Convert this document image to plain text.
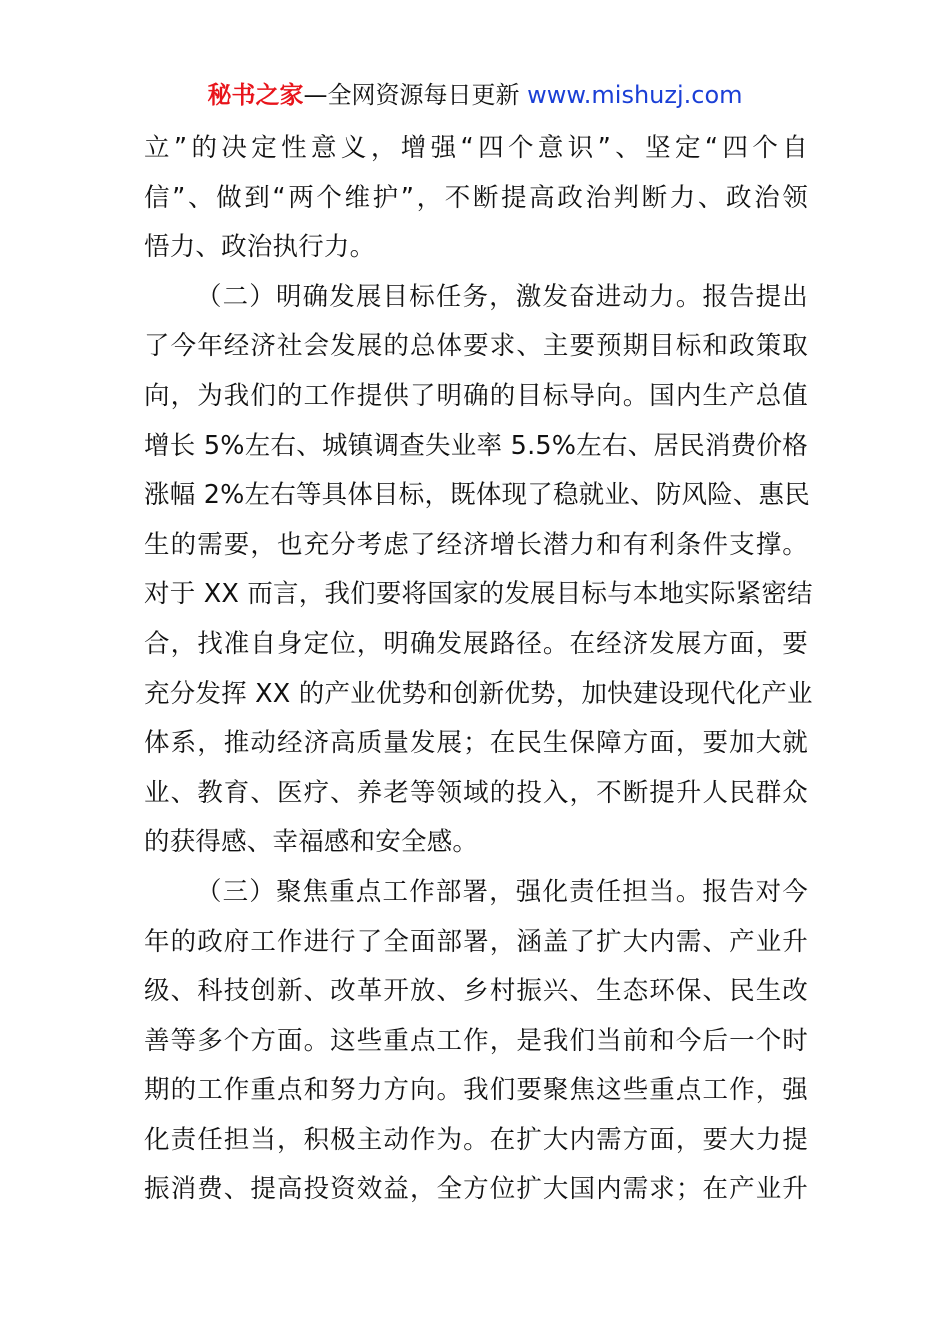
秘书之家—全网资源每日更新 www.mishuzj.com
立”的决定性意义，增强“四个意识”、坚定“四个自
信”、做到“两个维护”，不断提高政治判断力、政治领
悟力、政治执行力。
（二）明确发展目标任务，激发奋进动力。报告提出
了今年经济社会发展的总体要求、主要预期目标和政策取
向，为我们的工作提供了明确的目标导向。国内生产总值
增长 5%左右、城镇调查失业率 5.5%左右、居民消费价格
涨幅 2%左右等具体目标，既体现了稳就业、防风险、惠民
生的需要，也充分考虑了经济增长潜力和有利条件支撑。
对于 XX 而言，我们要将国家的发展目标与本地实际紧密结
合，找准自身定位，明确发展路径。在经济发展方面，要
充分发挥 XX 的产业优势和创新优势，加快建设现代化产业
体系，推动经济高质量发展；在民生保障方面，要加大就
业、教育、医疗、养老等领域的投入，不断提升人民群众
的获得感、幸福感和安全感。
（三）聚焦重点工作部署，强化责任担当。报告对今
年的政府工作进行了全面部署，涵盖了扩大内需、产业升
级、科技创新、改革开放、乡村振兴、生态环保、民生改
善等多个方面。这些重点工作，是我们当前和今后一个时
期的工作重点和努力方向。我们要聚焦这些重点工作，强
化责任担当，积极主动作为。在扩大内需方面，要大力提
振消费、提高投资效益，全方位扩大国内需求；在产业升
